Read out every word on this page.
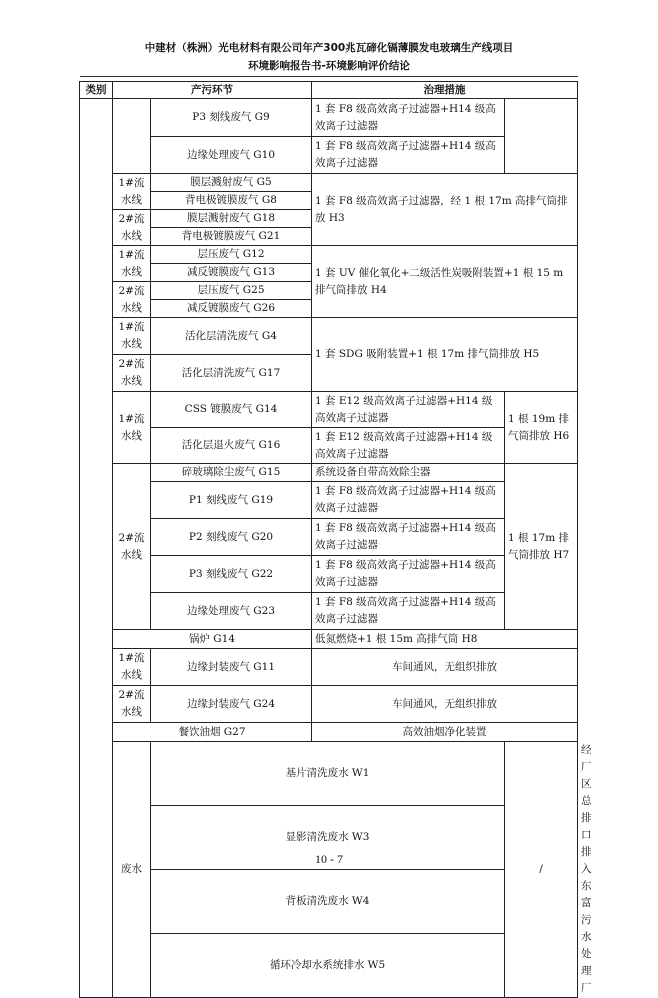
中建材（株洲）光电材料有限公司年产300兆瓦碲化镉薄膜发电玻璃生产线项目
环境影响报告书-环境影响评价结论
类别	产污环节		治理措施		
		P3 刻线废气 G9	1 套 F8 级高效离子过滤器+H14 级高效离子过滤器		
		边缘处理废气 G10	1 套 F8 级高效离子过滤器+H14 级高效离子过滤器		
	1#流水线	膜层溅射废气 G5	1 套 F8 级高效离子过滤器，经 1 根 17m 高排气筒排放 H3		
		背电极镀膜废气 G8			
	2#流水线	膜层溅射废气 G18			
		背电极镀膜废气 G21			
	1#流水线	层压废气 G12	1 套 UV 催化氧化+二级活性炭吸附装置+1 根 15 m 排气筒排放 H4		
		减反镀膜废气 G13			
	2#流水线	层压废气 G25			
		减反镀膜废气 G26			
	1#流水线	活化层清洗废气 G4	1 套 SDG 吸附装置+1 根 17m 排气筒排放 H5		
	2#流水线	活化层清洗废气 G17			
	1#流水线	CSS 镀膜废气 G14	1 套 E12 级高效离子过滤器+H14 级高效离子过滤器	1 根 19m 排气筒排放 H6	
		活化层退火废气 G16	1 套 E12 级高效离子过滤器+H14 级高效离子过滤器		
	2#流水线	碎玻璃除尘废气 G15	系统设备自带高效除尘器	1 根 17m 排气筒排放 H7	
		P1 刻线废气 G19	1 套 F8 级高效离子过滤器+H14 级高效离子过滤器		
		P2 刻线废气 G20	1 套 F8 级高效离子过滤器+H14 级高效离子过滤器		
		P3 刻线废气 G22	1 套 F8 级高效离子过滤器+H14 级高效离子过滤器		
		边缘处理废气 G23	1 套 F8 级高效离子过滤器+H14 级高效离子过滤器		
	锅炉 G14		低氮燃烧+1 根 15m 高排气筒 H8		
	1#流水线	边缘封装废气 G11	车间通风，无组织排放		
	2#流水线	边缘封装废气 G24	车间通风，无组织排放		
	餐饮油烟 G27		高效油烟净化装置		
	废水	基片清洗废水 W1		/	经厂区总排口排入东富污水处理厂
		显影清洗废水 W3			
		背板清洗废水 W4			
		循环冷却水系统排水 W5			
10 - 7
